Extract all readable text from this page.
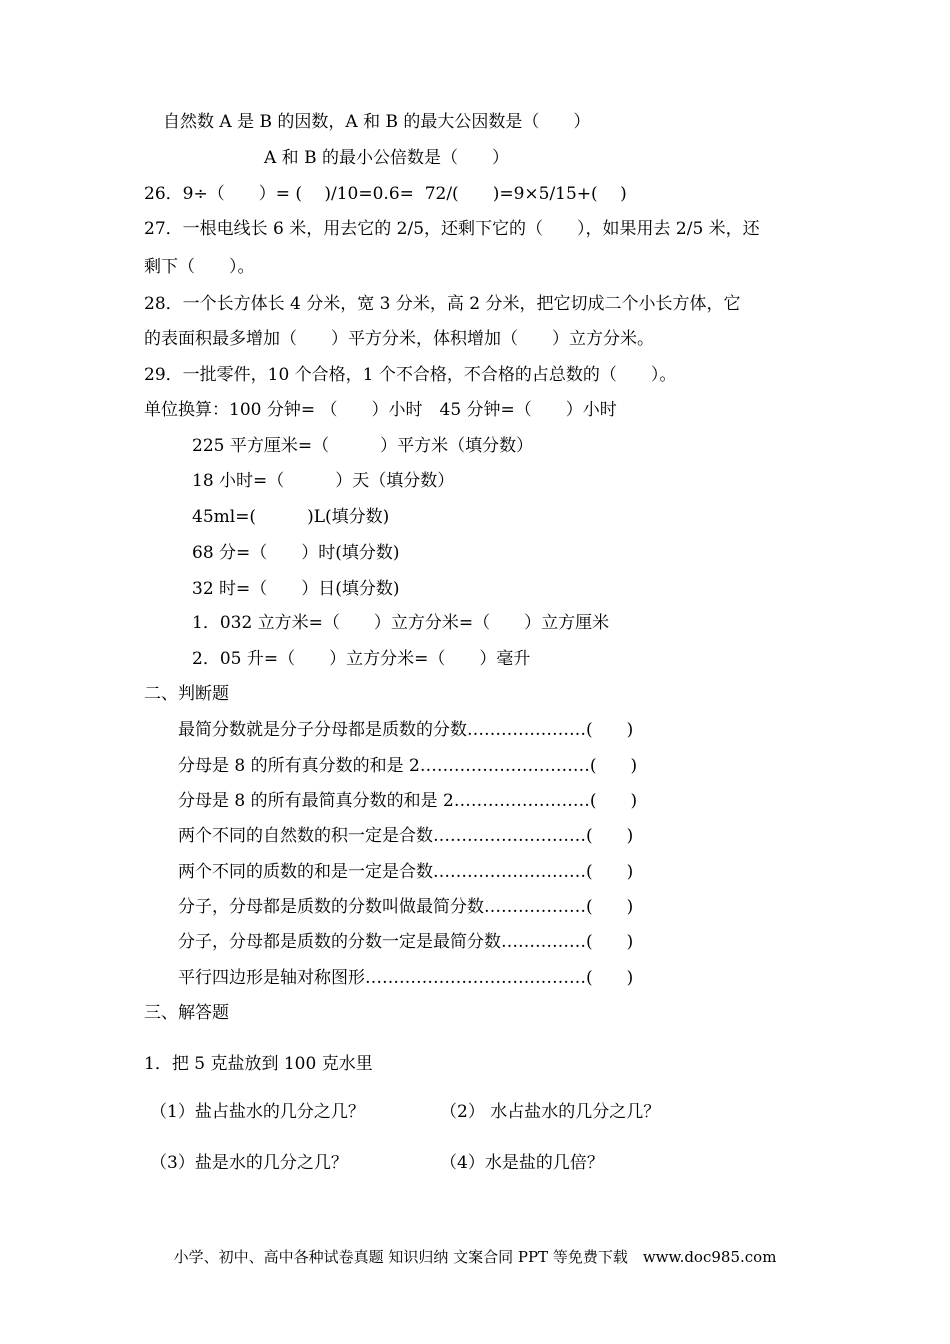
自然数 A 是 B 的因数，A 和 B 的最大公因数是（　　）
A 和 B 的最小公倍数是（　　）
26．9÷（　　）= (　 )/10=0.6=  72/(　　)=9×5/15+(　 )
27．一根电线长 6 米，用去它的 2/5，还剩下它的（　　），如果用去 2/5 米，还
剩下（　　）。
28．一个长方体长 4 分米，宽 3 分米，高 2 分米，把它切成二个小长方体，它
的表面积最多增加（　　）平方分米，体积增加（　　）立方分米。
29．一批零件，10 个合格，1 个不合格，不合格的占总数的（　　）。
单位换算：100 分钟= （　　）小时　45 分钟=（　　）小时
225 平方厘米=（　　　）平方米（填分数）
18 小时=（　　　）天（填分数）
45ml=(　　　)L(填分数)
68 分=（　　）时(填分数)
32 时=（　　）日(填分数)
1．032 立方米=（　　）立方分米=（　　）立方厘米
2．05 升=（　　）立方分米=（　　）毫升
二、判断题
最简分数就是分子分母都是质数的分数…………………(　　)
分母是 8 的所有真分数的和是 2…………………………(　　)
分母是 8 的所有最简真分数的和是 2……………………(　　)
两个不同的自然数的积一定是合数………………………(　　)
两个不同的质数的和是一定是合数………………………(　　)
分子，分母都是质数的分数叫做最简分数………………(　　)
分子，分母都是质数的分数一定是最简分数……………(　　)
平行四边形是轴对称图形…………………………………(　　)
三、解答题
1．把 5 克盐放到 100 克水里
（1）盐占盐水的几分之几？	（2） 水占盐水的几分之几？
（3）盐是水的几分之几？	（4）水是盐的几倍？
小学、初中、高中各种试卷真题 知识归纳 文案合同 PPT 等免费下载　www.doc985.com
